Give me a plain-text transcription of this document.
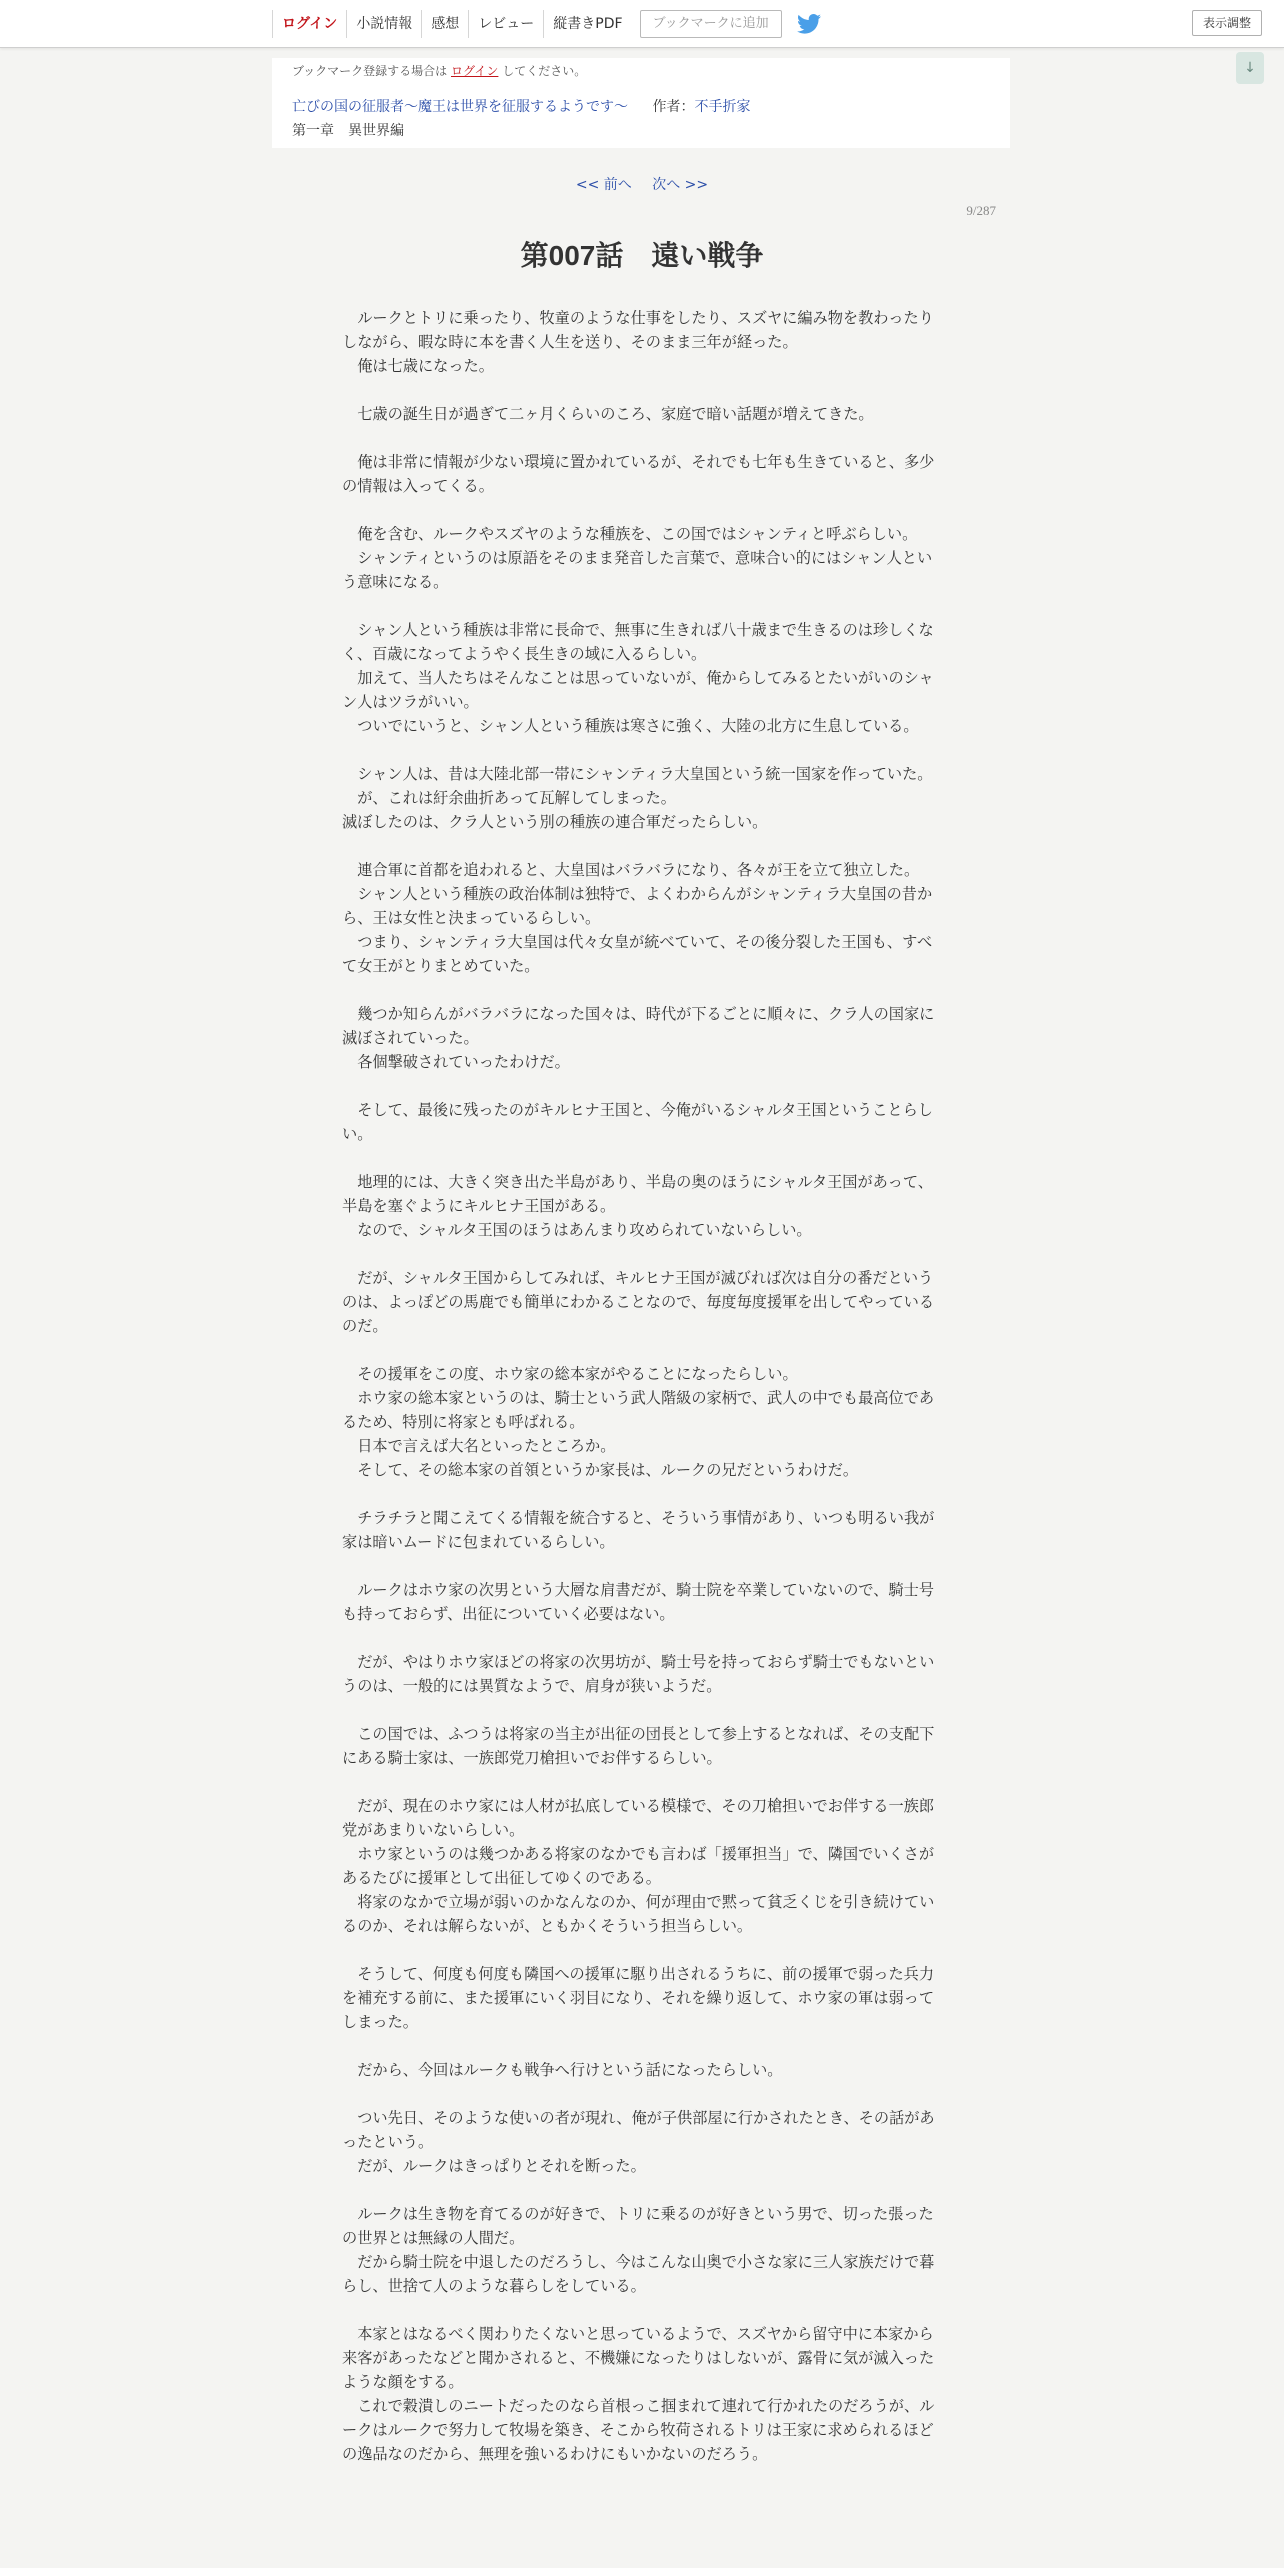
ログイン	小説情報	感想	レビュー	縦書きPDF	ブックマークに追加	表示調整
↓
ブックマーク登録する場合は ログイン してください。
亡びの国の征服者～魔王は世界を征服するようです～ 作者：不手折家
第一章　異世界編
<< 前へ 次へ >>
9/287
第007話　遠い戦争

　ルークとトリに乗ったり、牧童のような仕事をしたり、スズヤに編み物を教わったりしながら、暇な時に本を書く人生を送り、そのまま三年が経った。

　俺は七歳になった。

　七歳の誕生日が過ぎて二ヶ月くらいのころ、家庭で暗い話題が増えてきた。

　俺は非常に情報が少ない環境に置かれているが、それでも七年も生きていると、多少の情報は入ってくる。

　俺を含む、ルークやスズヤのような種族を、この国ではシャンティと呼ぶらしい。

　シャンティというのは原語をそのまま発音した言葉で、意味合い的にはシャン人という意味になる。

　シャン人という種族は非常に長命で、無事に生きれば八十歳まで生きるのは珍しくなく、百歳になってようやく長生きの域に入るらしい。

　加えて、当人たちはそんなことは思っていないが、俺からしてみるとたいがいのシャン人はツラがいい。

　ついでにいうと、シャン人という種族は寒さに強く、大陸の北方に生息している。

　シャン人は、昔は大陸北部一帯にシャンティラ大皇国という統一国家を作っていた。

　が、これは紆余曲折あって瓦解してしまった。

滅ぼしたのは、クラ人という別の種族の連合軍だったらしい。

　連合軍に首都を追われると、大皇国はバラバラになり、各々が王を立て独立した。

　シャン人という種族の政治体制は独特で、よくわからんがシャンティラ大皇国の昔から、王は女性と決まっているらしい。

　つまり、シャンティラ大皇国は代々女皇が統べていて、その後分裂した王国も、すべて女王がとりまとめていた。

　幾つか知らんがバラバラになった国々は、時代が下るごとに順々に、クラ人の国家に滅ぼされていった。

　各個撃破されていったわけだ。

　そして、最後に残ったのがキルヒナ王国と、今俺がいるシャルタ王国ということらしい。

　地理的には、大きく突き出た半島があり、半島の奥のほうにシャルタ王国があって、半島を塞ぐようにキルヒナ王国がある。

　なので、シャルタ王国のほうはあんまり攻められていないらしい。

　だが、シャルタ王国からしてみれば、キルヒナ王国が滅びれば次は自分の番だというのは、よっぽどの馬鹿でも簡単にわかることなので、毎度毎度援軍を出してやっているのだ。

　その援軍をこの度、ホウ家の総本家がやることになったらしい。

　ホウ家の総本家というのは、騎士という武人階級の家柄で、武人の中でも最高位であるため、特別に将家とも呼ばれる。

　日本で言えば大名といったところか。

　そして、その総本家の首領というか家長は、ルークの兄だというわけだ。

　チラチラと聞こえてくる情報を統合すると、そういう事情があり、いつも明るい我が家は暗いムードに包まれているらしい。

　ルークはホウ家の次男という大層な肩書だが、騎士院を卒業していないので、騎士号も持っておらず、出征についていく必要はない。

　だが、やはりホウ家ほどの将家の次男坊が、騎士号を持っておらず騎士でもないというのは、一般的には異質なようで、肩身が狭いようだ。

　この国では、ふつうは将家の当主が出征の団長として参上するとなれば、その支配下にある騎士家は、一族郎党刀槍担いでお伴するらしい。

　だが、現在のホウ家には人材が払底している模様で、その刀槍担いでお伴する一族郎党があまりいないらしい。

　ホウ家というのは幾つかある将家のなかでも言わば「援軍担当」で、隣国でいくさがあるたびに援軍として出征してゆくのである。

　将家のなかで立場が弱いのかなんなのか、何が理由で黙って貧乏くじを引き続けているのか、それは解らないが、ともかくそういう担当らしい。

　そうして、何度も何度も隣国への援軍に駆り出されるうちに、前の援軍で弱った兵力を補充する前に、また援軍にいく羽目になり、それを繰り返して、ホウ家の軍は弱ってしまった。

　だから、今回はルークも戦争へ行けという話になったらしい。

　つい先日、そのような使いの者が現れ、俺が子供部屋に行かされたとき、その話があったという。

　だが、ルークはきっぱりとそれを断った。

　ルークは生き物を育てるのが好きで、トリに乗るのが好きという男で、切った張ったの世界とは無縁の人間だ。

　だから騎士院を中退したのだろうし、今はこんな山奥で小さな家に三人家族だけで暮らし、世捨て人のような暮らしをしている。

　本家とはなるべく関わりたくないと思っているようで、スズヤから留守中に本家から来客があったなどと聞かされると、不機嫌になったりはしないが、露骨に気が滅入ったような顔をする。

　これで穀潰しのニートだったのなら首根っこ掴まれて連れて行かれたのだろうが、ルークはルークで努力して牧場を築き、そこから牧荷されるトリは王家に求められるほどの逸品なのだから、無理を強いるわけにもいかないのだろう。
